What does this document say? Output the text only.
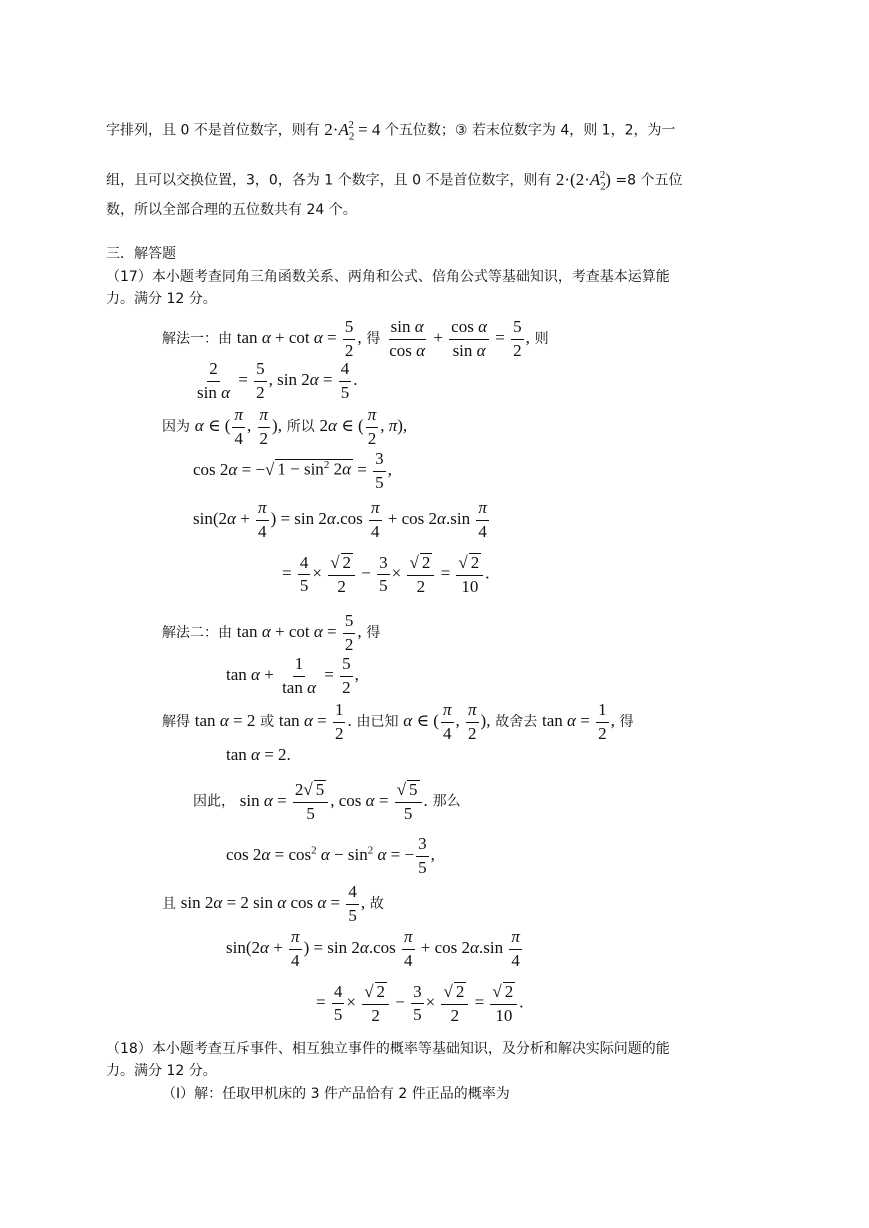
字排列，且 0 不是首位数字，则有 $2\cdot A_2^2 = 4$ 个五位数；③ 若末位数字为 4，则 1，2，为一
组，且可以交换位置，3，0，各为 1 个数字，且 0 不是首位数字，则有 $2\cdot(2\cdot A_2^2) =8$ 个五位
数，所以全部合理的五位数共有 24 个。
三．解答题
（17）本小题考查同角三角函数关系、两角和公式、倍角公式等基础知识，考查基本运算能
力。满分 12 分。
解法一：由 $\tan \alpha + \cot \alpha = \frac{5}{2}$ , 得 $\frac{\text{sin α}}{\text{cos α}} + \frac{\text{cos α}}{\text{sin α}} = \frac{5}{2}$ , 则
$\frac{2}{\text{sin α}} = \frac{5}{2}$ , $\sin 2\alpha = \frac{4}{5}$ .
因为 α ∈ ( $\frac{\pi}{4}$ , $\frac{\pi}{2}$ ), 所以 2α ∈ ( $\frac{\pi}{2}$ , π),
cos 2α = −√ $1 - \sin^2 2\alpha = \frac{3}{5}$ ,
$\sin(2\alpha + \frac{\pi}{4}$ ) = $\sin 2\alpha.\cos \frac{\pi}{4} + \cos 2\alpha.\sin \frac{\pi}{4}$
= $\frac{4}{5} \times \frac{√ 2}{2} - \frac{3}{5} \times \frac{√ 2}{2} = \frac{√ 2}{10}$ .
解法二：由 $\tan \alpha + \cot \alpha = \frac{5}{2}$ , 得
$\tan \alpha + \frac{1}{\text{tan α}} = \frac{5}{2}$ ,
解得 tan α = 2 或 $\tan \alpha = \frac{1}{2}$ . 由已知 α ∈ ( $\frac{\pi}{4}$ , $\frac{\pi}{2}$ ), 故舍去 $\tan \alpha = \frac{1}{2}$ , 得
tan α = 2.
因此， $\sin \alpha = \frac{2√ 5}{5}$ , $\cos \alpha = \frac{√ 5}{5}$ . 那么
$\cos 2\alpha = \cos^2 \alpha - \sin^2 \alpha$ = − $\frac{3}{5}$ ,
且 sin 2α = 2 sin α $\cos \alpha = \frac{4}{5}$ , 故
$\sin(2\alpha + \frac{\pi}{4}$ ) = $\sin 2\alpha.\cos \frac{\pi}{4} + \cos 2\alpha.\sin \frac{\pi}{4}$
= $\frac{4}{5} \times \frac{√ 2}{2} - \frac{3}{5} \times \frac{√ 2}{2} = \frac{√ 2}{10}$ .
（18）本小题考查互斥事件、相互独立事件的概率等基础知识，及分析和解决实际问题的能
力。满分 12 分。
（I）解：任取甲机床的 3 件产品恰有 2 件正品的概率为
